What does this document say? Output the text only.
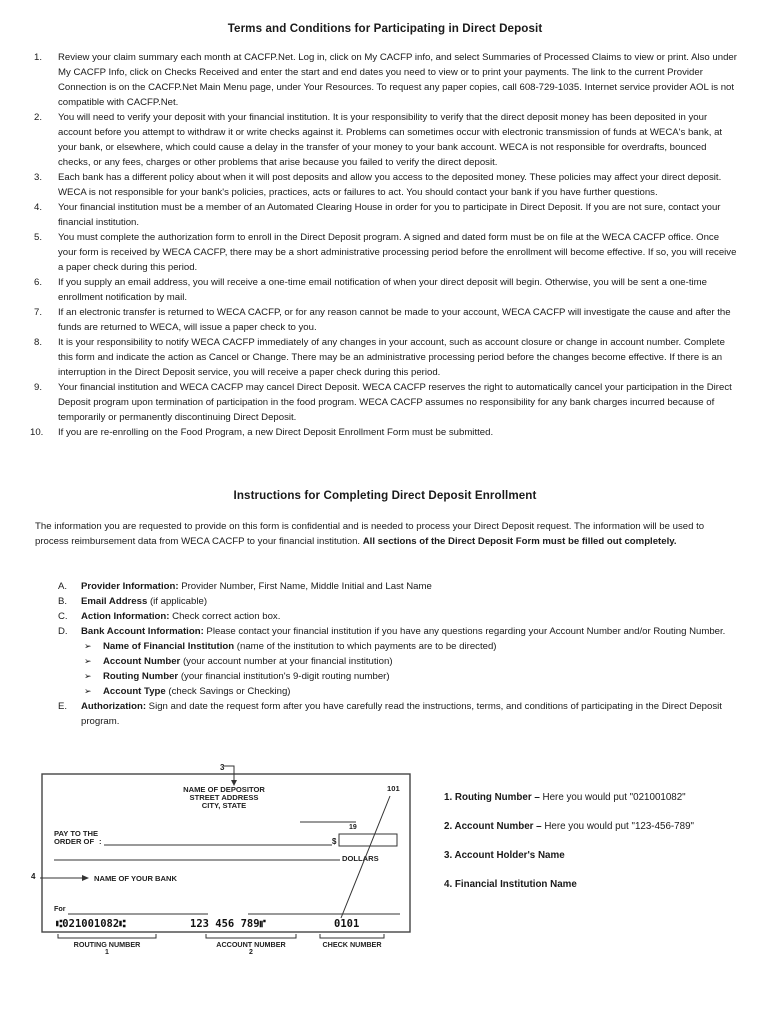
Terms and Conditions for Participating in Direct Deposit
1.	Review your claim summary each month at CACFP.Net. Log in, click on My CACFP info, and select Summaries of Processed Claims to view or print. Also under My CACFP Info, click on Checks Received and enter the start and end dates you need to view or to print your payments. The link to the current Provider Connection is on the CACFP.Net Main Menu page, under Your Resources. To request any paper copies, call 608-729-1035. Internet service provider AOL is not compatible with CACFP.Net.
2.	You will need to verify your deposit with your financial institution. It is your responsibility to verify that the direct deposit money has been deposited in your account before you attempt to withdraw it or write checks against it. Problems can sometimes occur with electronic transmission of funds at WECA's bank, at your bank, or elsewhere, which could cause a delay in the transfer of your money to your bank account. WECA is not responsible for overdrafts, bounced checks, or any fees, charges or other problems that arise because you failed to verify the direct deposit.
3.	Each bank has a different policy about when it will post deposits and allow you access to the deposited money. These policies may affect your direct deposit. WECA is not responsible for your bank's policies, practices, acts or failures to act. You should contact your bank if you have further questions.
4.	Your financial institution must be a member of an Automated Clearing House in order for you to participate in Direct Deposit. If you are not sure, contact your financial institution.
5.	You must complete the authorization form to enroll in the Direct Deposit program. A signed and dated form must be on file at the WECA CACFP office. Once your form is received by WECA CACFP, there may be a short administrative processing period before the enrollment will become effective. If so, you will receive a paper check during this period.
6.	If you supply an email address, you will receive a one-time email notification of when your direct deposit will begin. Otherwise, you will be sent a one-time enrollment notification by mail.
7.	If an electronic transfer is returned to WECA CACFP, or for any reason cannot be made to your account, WECA CACFP will investigate the cause and after the funds are returned to WECA, will issue a paper check to you.
8.	It is your responsibility to notify WECA CACFP immediately of any changes in your account, such as account closure or change in account number. Complete this form and indicate the action as Cancel or Change. There may be an administrative processing period before the changes become effective. If there is an interruption in the Direct Deposit service, you will receive a paper check during this period.
9.	Your financial institution and WECA CACFP may cancel Direct Deposit. WECA CACFP reserves the right to automatically cancel your participation in the Direct Deposit program upon termination of participation in the food program. WECA CACFP assumes no responsibility for any bank charges incurred because of temporarily or permanently discontinuing Direct Deposit.
10.	If you are re-enrolling on the Food Program, a new Direct Deposit Enrollment Form must be submitted.
Instructions for Completing Direct Deposit Enrollment
The information you are requested to provide on this form is confidential and is needed to process your Direct Deposit request. The information will be used to process reimbursement data from WECA CACFP to your financial institution. All sections of the Direct Deposit Form must be filled out completely.
A.	Provider Information: Provider Number, First Name, Middle Initial and Last Name
B.	Email Address (if applicable)
C.	Action Information: Check correct action box.
D.	Bank Account Information: Please contact your financial institution if you have any questions regarding your Account Number and/or Routing Number.
➢ Name of Financial Institution (name of the institution to which payments are to be directed)
➢ Account Number (your account number at your financial institution)
➢ Routing Number (your financial institution's 9-digit routing number)
➢ Account Type (check Savings or Checking)
E.	Authorization: Sign and date the request form after you have carefully read the instructions, terms, and conditions of participating in the Direct Deposit program.
3
NAME OF DEPOSITOR
STREET ADDRESS
CITY, STATE
101
19
PAY TO THE
ORDER OF :	$
DOLLARS
NAME OF YOUR BANK
For
⑆021001082⑆	123 456 789⑈	0101
ROUTING NUMBER
1
ACCOUNT NUMBER
2
CHECK NUMBER
4
1. Routing Number – Here you would put "021001082"
2. Account Number – Here you would put "123-456-789"
3. Account Holder's Name
4. Financial Institution Name
